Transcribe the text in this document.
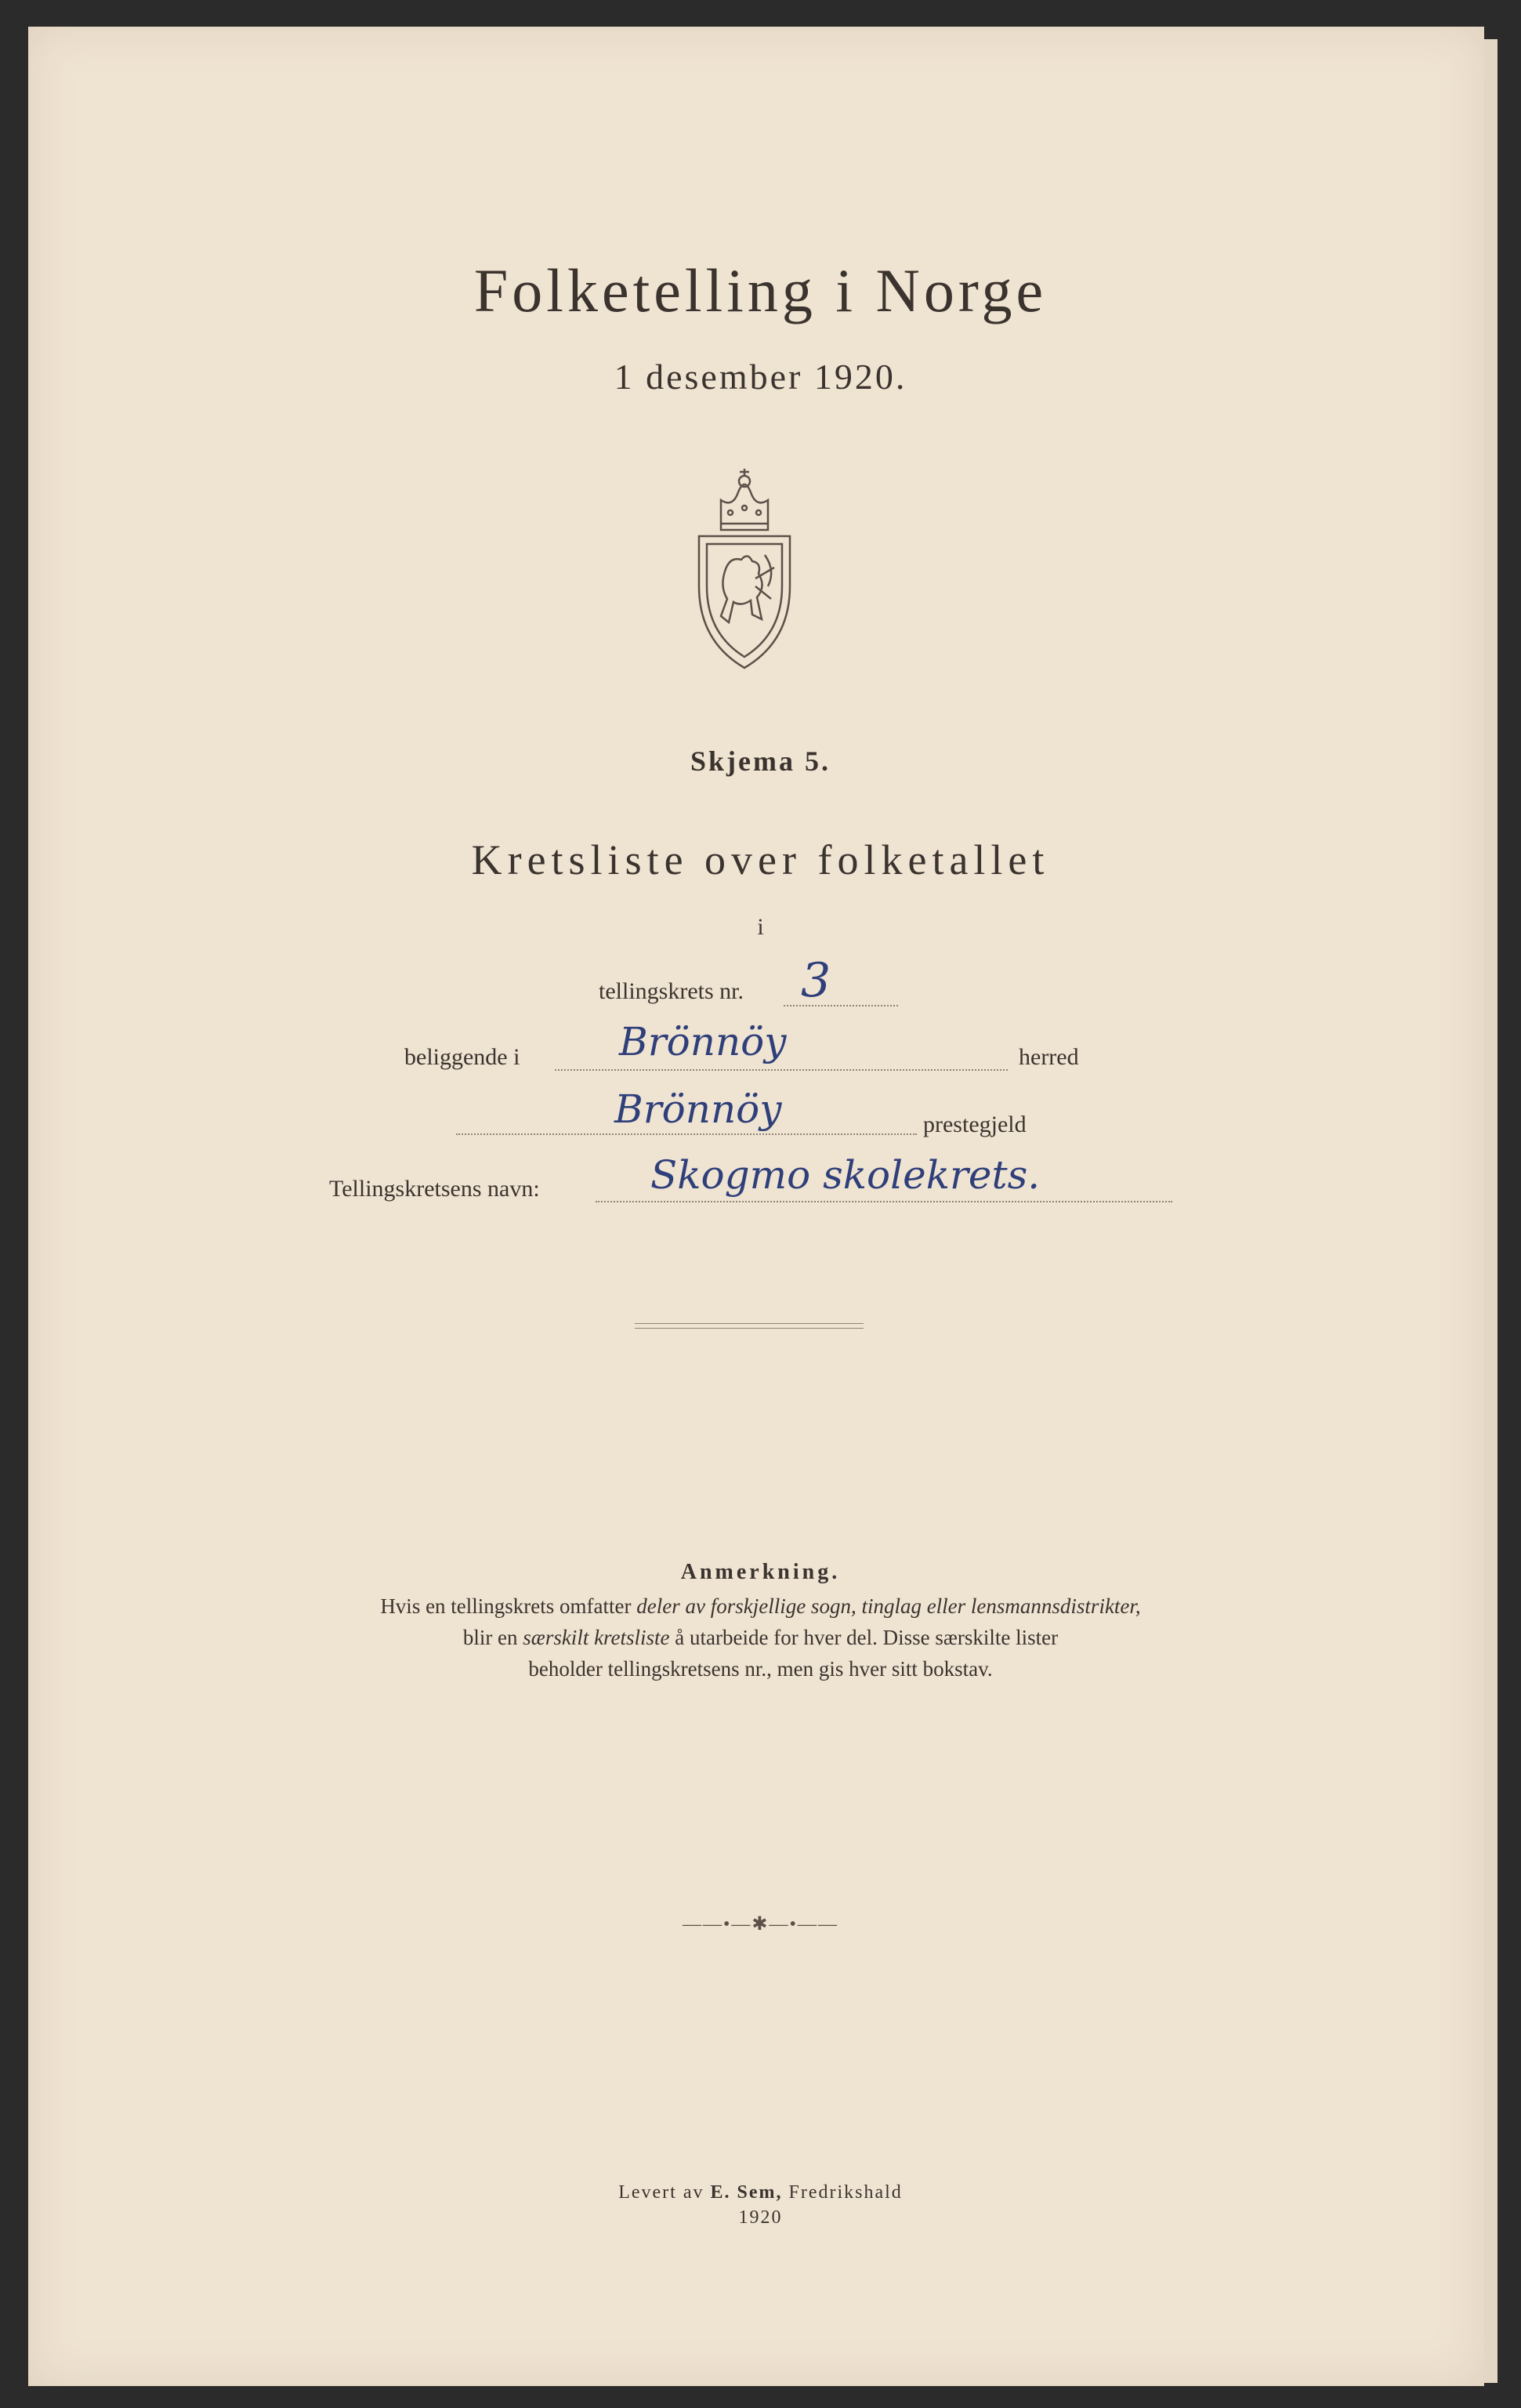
Folketelling i Norge
1 desember 1920.
Skjema 5.
Kretsliste over folketallet
i
tellingskrets nr. 3
beliggende i	Brönnöy	herred
Brönnöy	prestegjeld
Tellingskretsens navn:	Skogmo skolekrets.
Anmerkning.
Hvis en tellingskrets omfatter deler av forskjellige sogn, tinglag eller lensmannsdistrikter,
blir en særskilt kretsliste å utarbeide for hver del. Disse særskilte lister
beholder tellingskretsens nr., men gis hver sitt bokstav.
——•—✱—•——
Levert av E. Sem, Fredrikshald
1920
